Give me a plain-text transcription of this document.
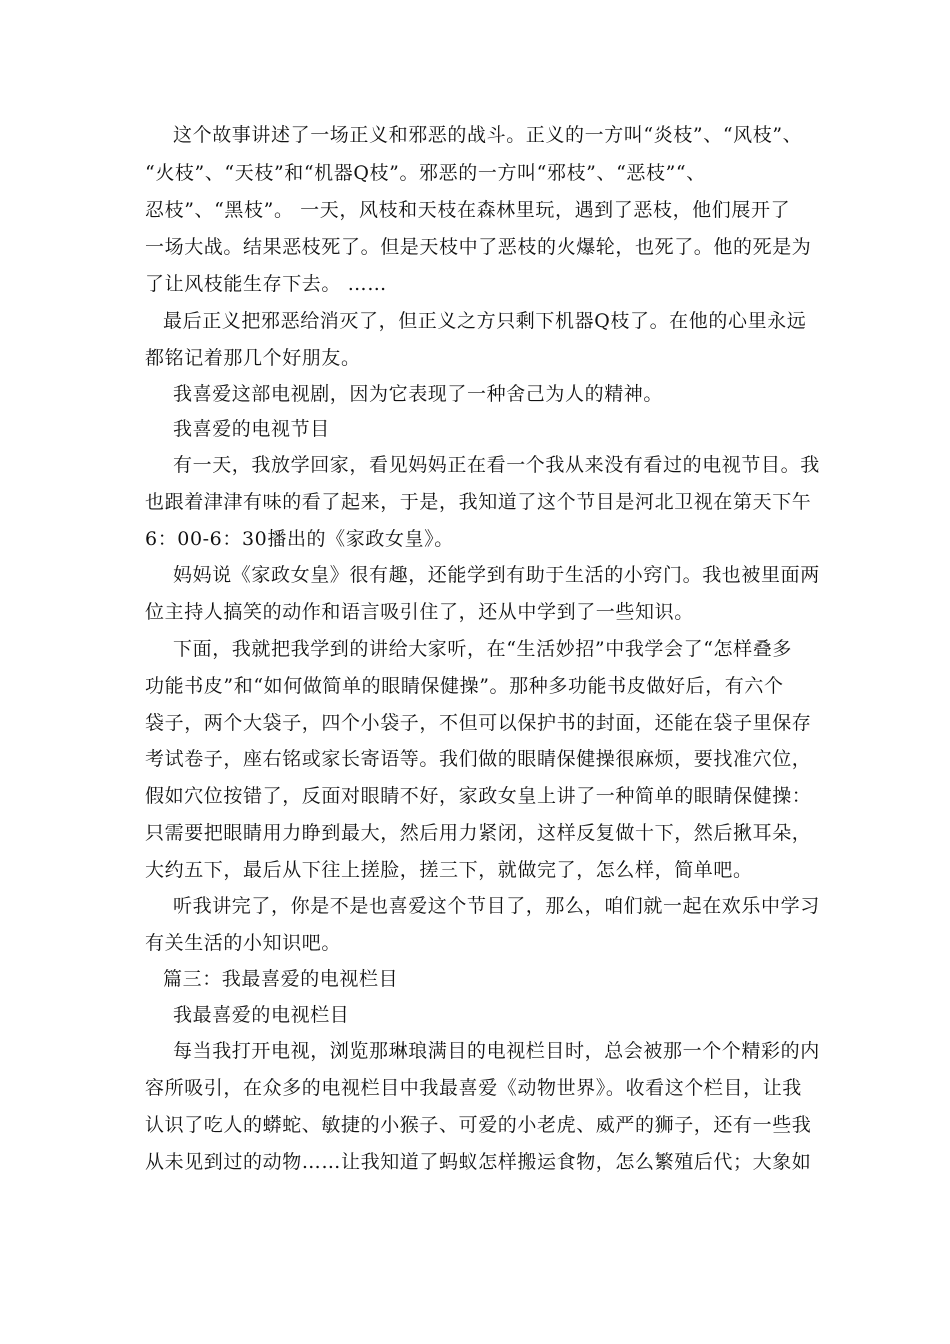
这个故事讲述了一场正义和邪恶的战斗。正义的一方叫“炎枝”、“风枝”、
“火枝”、“天枝”和“机器Q枝”。邪恶的一方叫“邪枝”、“恶枝”“、
忍枝”、“黑枝”。 一天，风枝和天枝在森林里玩，遇到了恶枝，他们展开了
一场大战。结果恶枝死了。但是天枝中了恶枝的火爆轮，也死了。他的死是为
了让风枝能生存下去。 ……
最后正义把邪恶给消灭了，但正义之方只剩下机器Q枝了。在他的心里永远
都铭记着那几个好朋友。
我喜爱这部电视剧，因为它表现了一种舍己为人的精神。
我喜爱的电视节目
有一天，我放学回家，看见妈妈正在看一个我从来没有看过的电视节目。我
也跟着津津有味的看了起来，于是，我知道了这个节目是河北卫视在第天下午
6：00-6：30播出的《家政女皇》。
妈妈说《家政女皇》很有趣，还能学到有助于生活的小窍门。我也被里面两
位主持人搞笑的动作和语言吸引住了，还从中学到了一些知识。
下面，我就把我学到的讲给大家听，在“生活妙招”中我学会了“怎样叠多
功能书皮”和“如何做简单的眼睛保健操”。那种多功能书皮做好后，有六个
袋子，两个大袋子，四个小袋子，不但可以保护书的封面，还能在袋子里保存
考试卷子，座右铭或家长寄语等。我们做的眼睛保健操很麻烦，要找准穴位，
假如穴位按错了，反面对眼睛不好，家政女皇上讲了一种简单的眼睛保健操：
只需要把眼睛用力睁到最大，然后用力紧闭，这样反复做十下，然后揪耳朵，
大约五下，最后从下往上搓脸，搓三下，就做完了，怎么样，简单吧。
听我讲完了，你是不是也喜爱这个节目了，那么，咱们就一起在欢乐中学习
有关生活的小知识吧。
篇三：我最喜爱的电视栏目
我最喜爱的电视栏目
每当我打开电视，浏览那琳琅满目的电视栏目时，总会被那一个个精彩的内
容所吸引，在众多的电视栏目中我最喜爱《动物世界》。收看这个栏目，让我
认识了吃人的蟒蛇、敏捷的小猴子、可爱的小老虎、威严的狮子，还有一些我
从未见到过的动物……让我知道了蚂蚁怎样搬运食物，怎么繁殖后代；大象如
